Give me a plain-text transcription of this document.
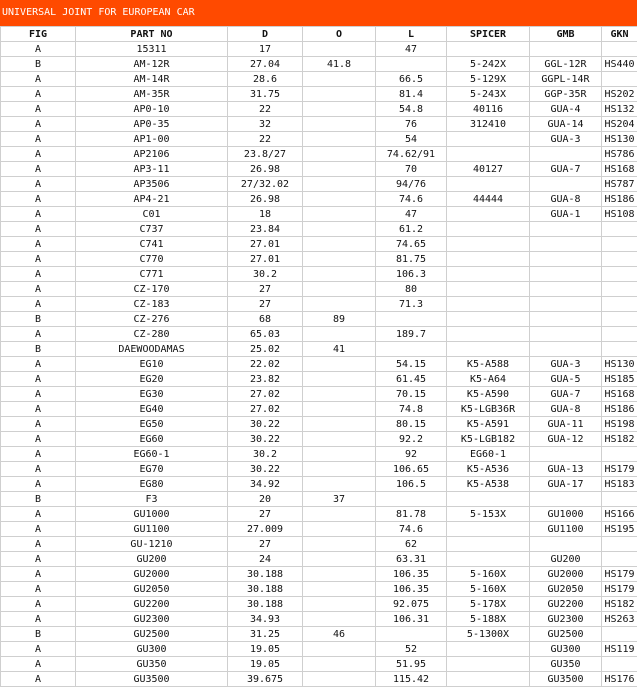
UNIVERSAL JOINT FOR EUROPEAN CAR
FIG	PART NO	D	O	L	SPICER	GMB	GKN
A	15311	17		47			
B	AM-12R	27.04	41.8		5-242X	GGL-12R	HS440
A	AM-14R	28.6		66.5	5-129X	GGPL-14R	
A	AM-35R	31.75		81.4	5-243X	GGP-35R	HS202
A	AP0-10	22		54.8	40116	GUA-4	HS132
A	AP0-35	32		76	312410	GUA-14	HS204
A	AP1-00	22		54		GUA-3	HS130
A	AP2106	23.8/27		74.62/91			HS786
A	AP3-11	26.98		70	40127	GUA-7	HS168
A	AP3506	27/32.02		94/76			HS787
A	AP4-21	26.98		74.6	44444	GUA-8	HS186
A	C01	18		47		GUA-1	HS108
A	C737	23.84		61.2			
A	C741	27.01		74.65			
A	C770	27.01		81.75			
A	C771	30.2		106.3			
A	CZ-170	27		80			
A	CZ-183	27		71.3			
B	CZ-276	68	89				
A	CZ-280	65.03		189.7			
B	DAEWOODAMAS	25.02	41				
A	EG10	22.02		54.15	K5-A588	GUA-3	HS130
A	EG20	23.82		61.45	K5-A64	GUA-5	HS185
A	EG30	27.02		70.15	K5-A590	GUA-7	HS168
A	EG40	27.02		74.8	K5-LGB36R	GUA-8	HS186
A	EG50	30.22		80.15	K5-A591	GUA-11	HS198
A	EG60	30.22		92.2	K5-LGB182	GUA-12	HS182
A	EG60-1	30.2		92	EG60-1		
A	EG70	30.22		106.65	K5-A536	GUA-13	HS179
A	EG80	34.92		106.5	K5-A538	GUA-17	HS183
B	F3	20	37				
A	GU1000	27		81.78	5-153X	GU1000	HS166
A	GU1100	27.009		74.6		GU1100	HS195
A	GU-1210	27		62			
A	GU200	24		63.31		GU200	
A	GU2000	30.188		106.35	5-160X	GU2000	HS179
A	GU2050	30.188		106.35	5-160X	GU2050	HS179
A	GU2200	30.188		92.075	5-178X	GU2200	HS182
A	GU2300	34.93		106.31	5-188X	GU2300	HS263
B	GU2500	31.25	46		5-1300X	GU2500	
A	GU300	19.05		52		GU300	HS119
A	GU350	19.05		51.95		GU350	
A	GU3500	39.675		115.42		GU3500	HS176
